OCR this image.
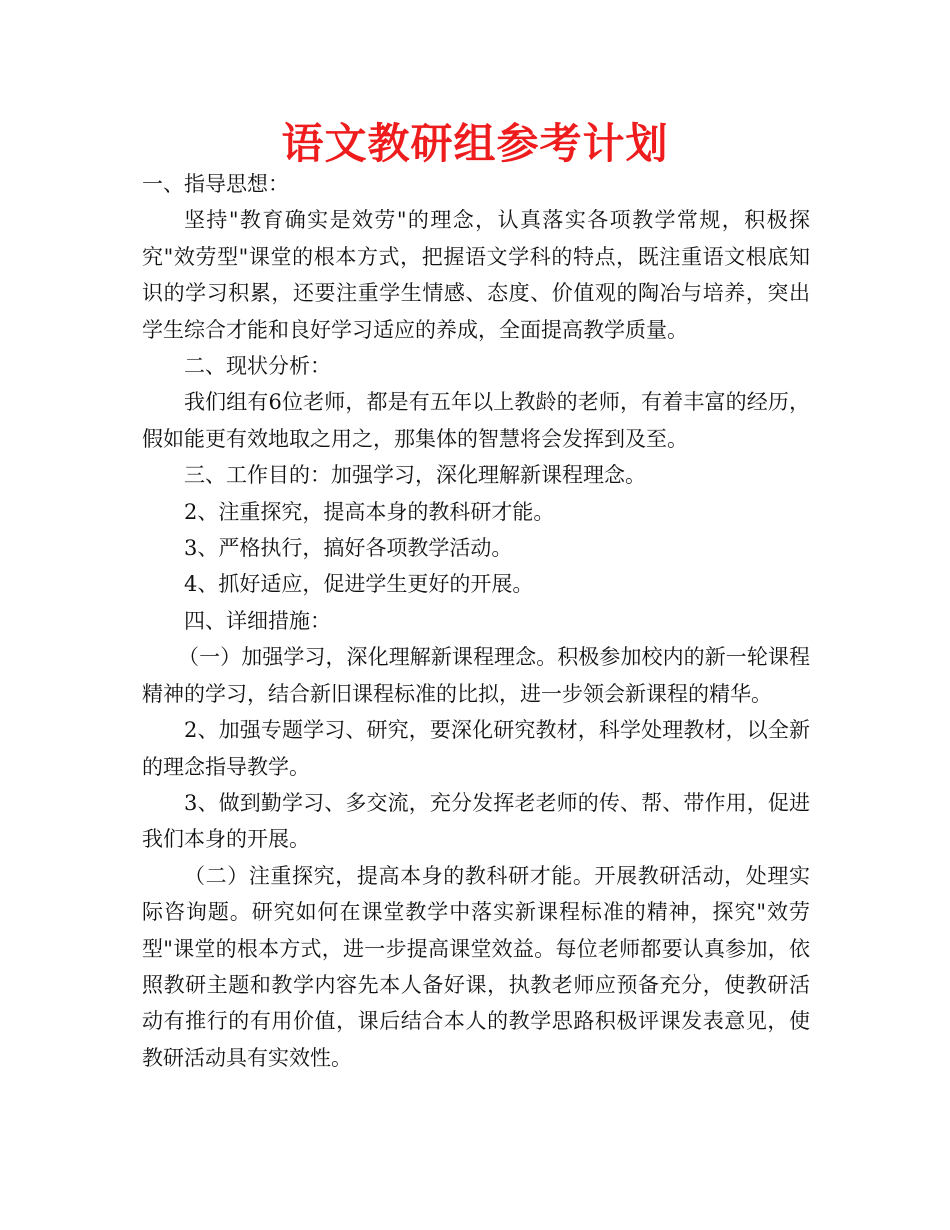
语文教研组参考计划

一、指导思想：

坚持"教育确实是效劳"的理念，认真落实各项教学常规，积极探究"效劳型"课堂的根本方式，把握语文学科的特点，既注重语文根底知识的学习积累，还要注重学生情感、态度、价值观的陶冶与培养，突出学生综合才能和良好学习适应的养成，全面提高教学质量。

二、现状分析：

我们组有6位老师，都是有五年以上教龄的老师，有着丰富的经历，假如能更有效地取之用之，那集体的智慧将会发挥到及至。

三、工作目的：加强学习，深化理解新课程理念。

2、注重探究，提高本身的教科研才能。

3、严格执行，搞好各项教学活动。

4、抓好适应，促进学生更好的开展。

四、详细措施：

（一）加强学习，深化理解新课程理念。积极参加校内的新一轮课程精神的学习，结合新旧课程标准的比拟，进一步领会新课程的精华。

2、加强专题学习、研究，要深化研究教材，科学处理教材，以全新的理念指导教学。

3、做到勤学习、多交流，充分发挥老老师的传、帮、带作用，促进我们本身的开展。

（二）注重探究，提高本身的教科研才能。开展教研活动，处理实际咨询题。研究如何在课堂教学中落实新课程标准的精神，探究"效劳型"课堂的根本方式，进一步提高课堂效益。每位老师都要认真参加，依照教研主题和教学内容先本人备好课，执教老师应预备充分，使教研活动有推行的有用价值，课后结合本人的教学思路积极评课发表意见，使教研活动具有实效性。
